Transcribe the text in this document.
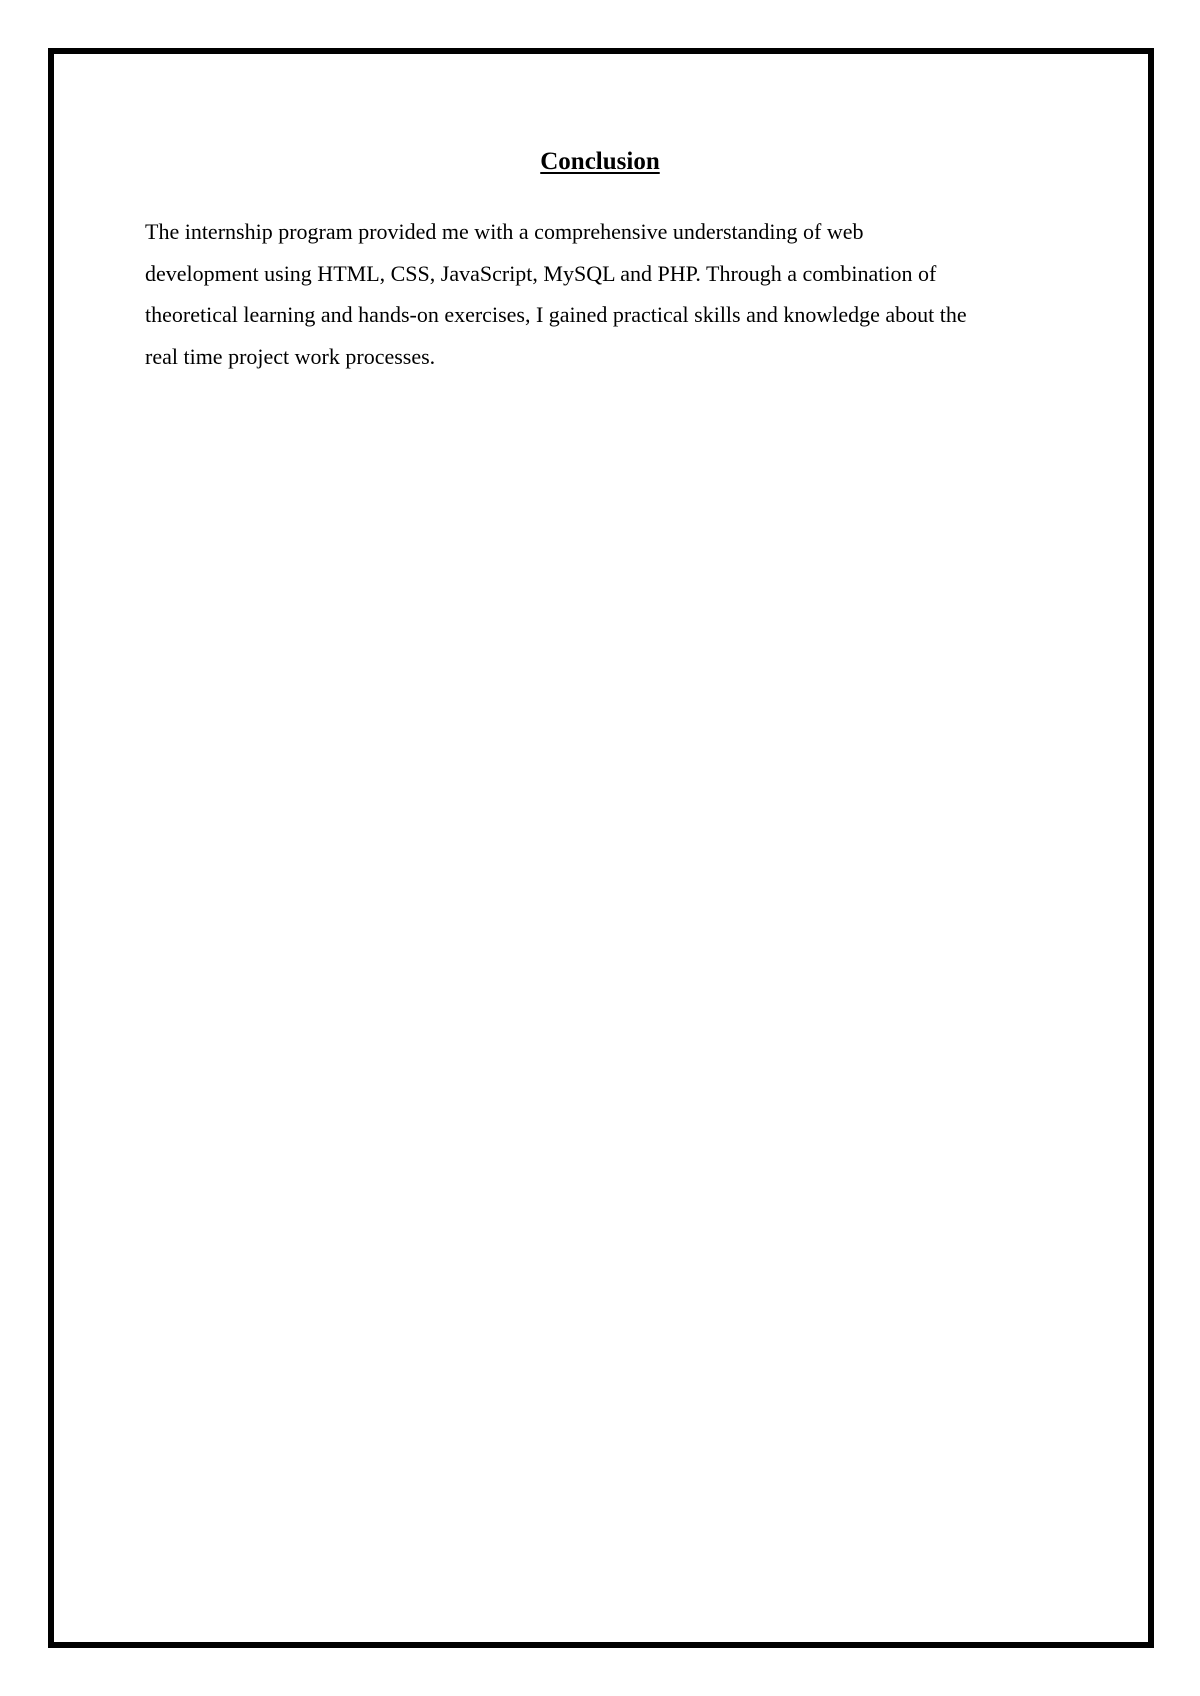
Conclusion

The internship program provided me with a comprehensive understanding of web
development using HTML, CSS, JavaScript, MySQL and PHP. Through a combination of
theoretical learning and hands-on exercises, I gained practical skills and knowledge about the
real time project work processes.
